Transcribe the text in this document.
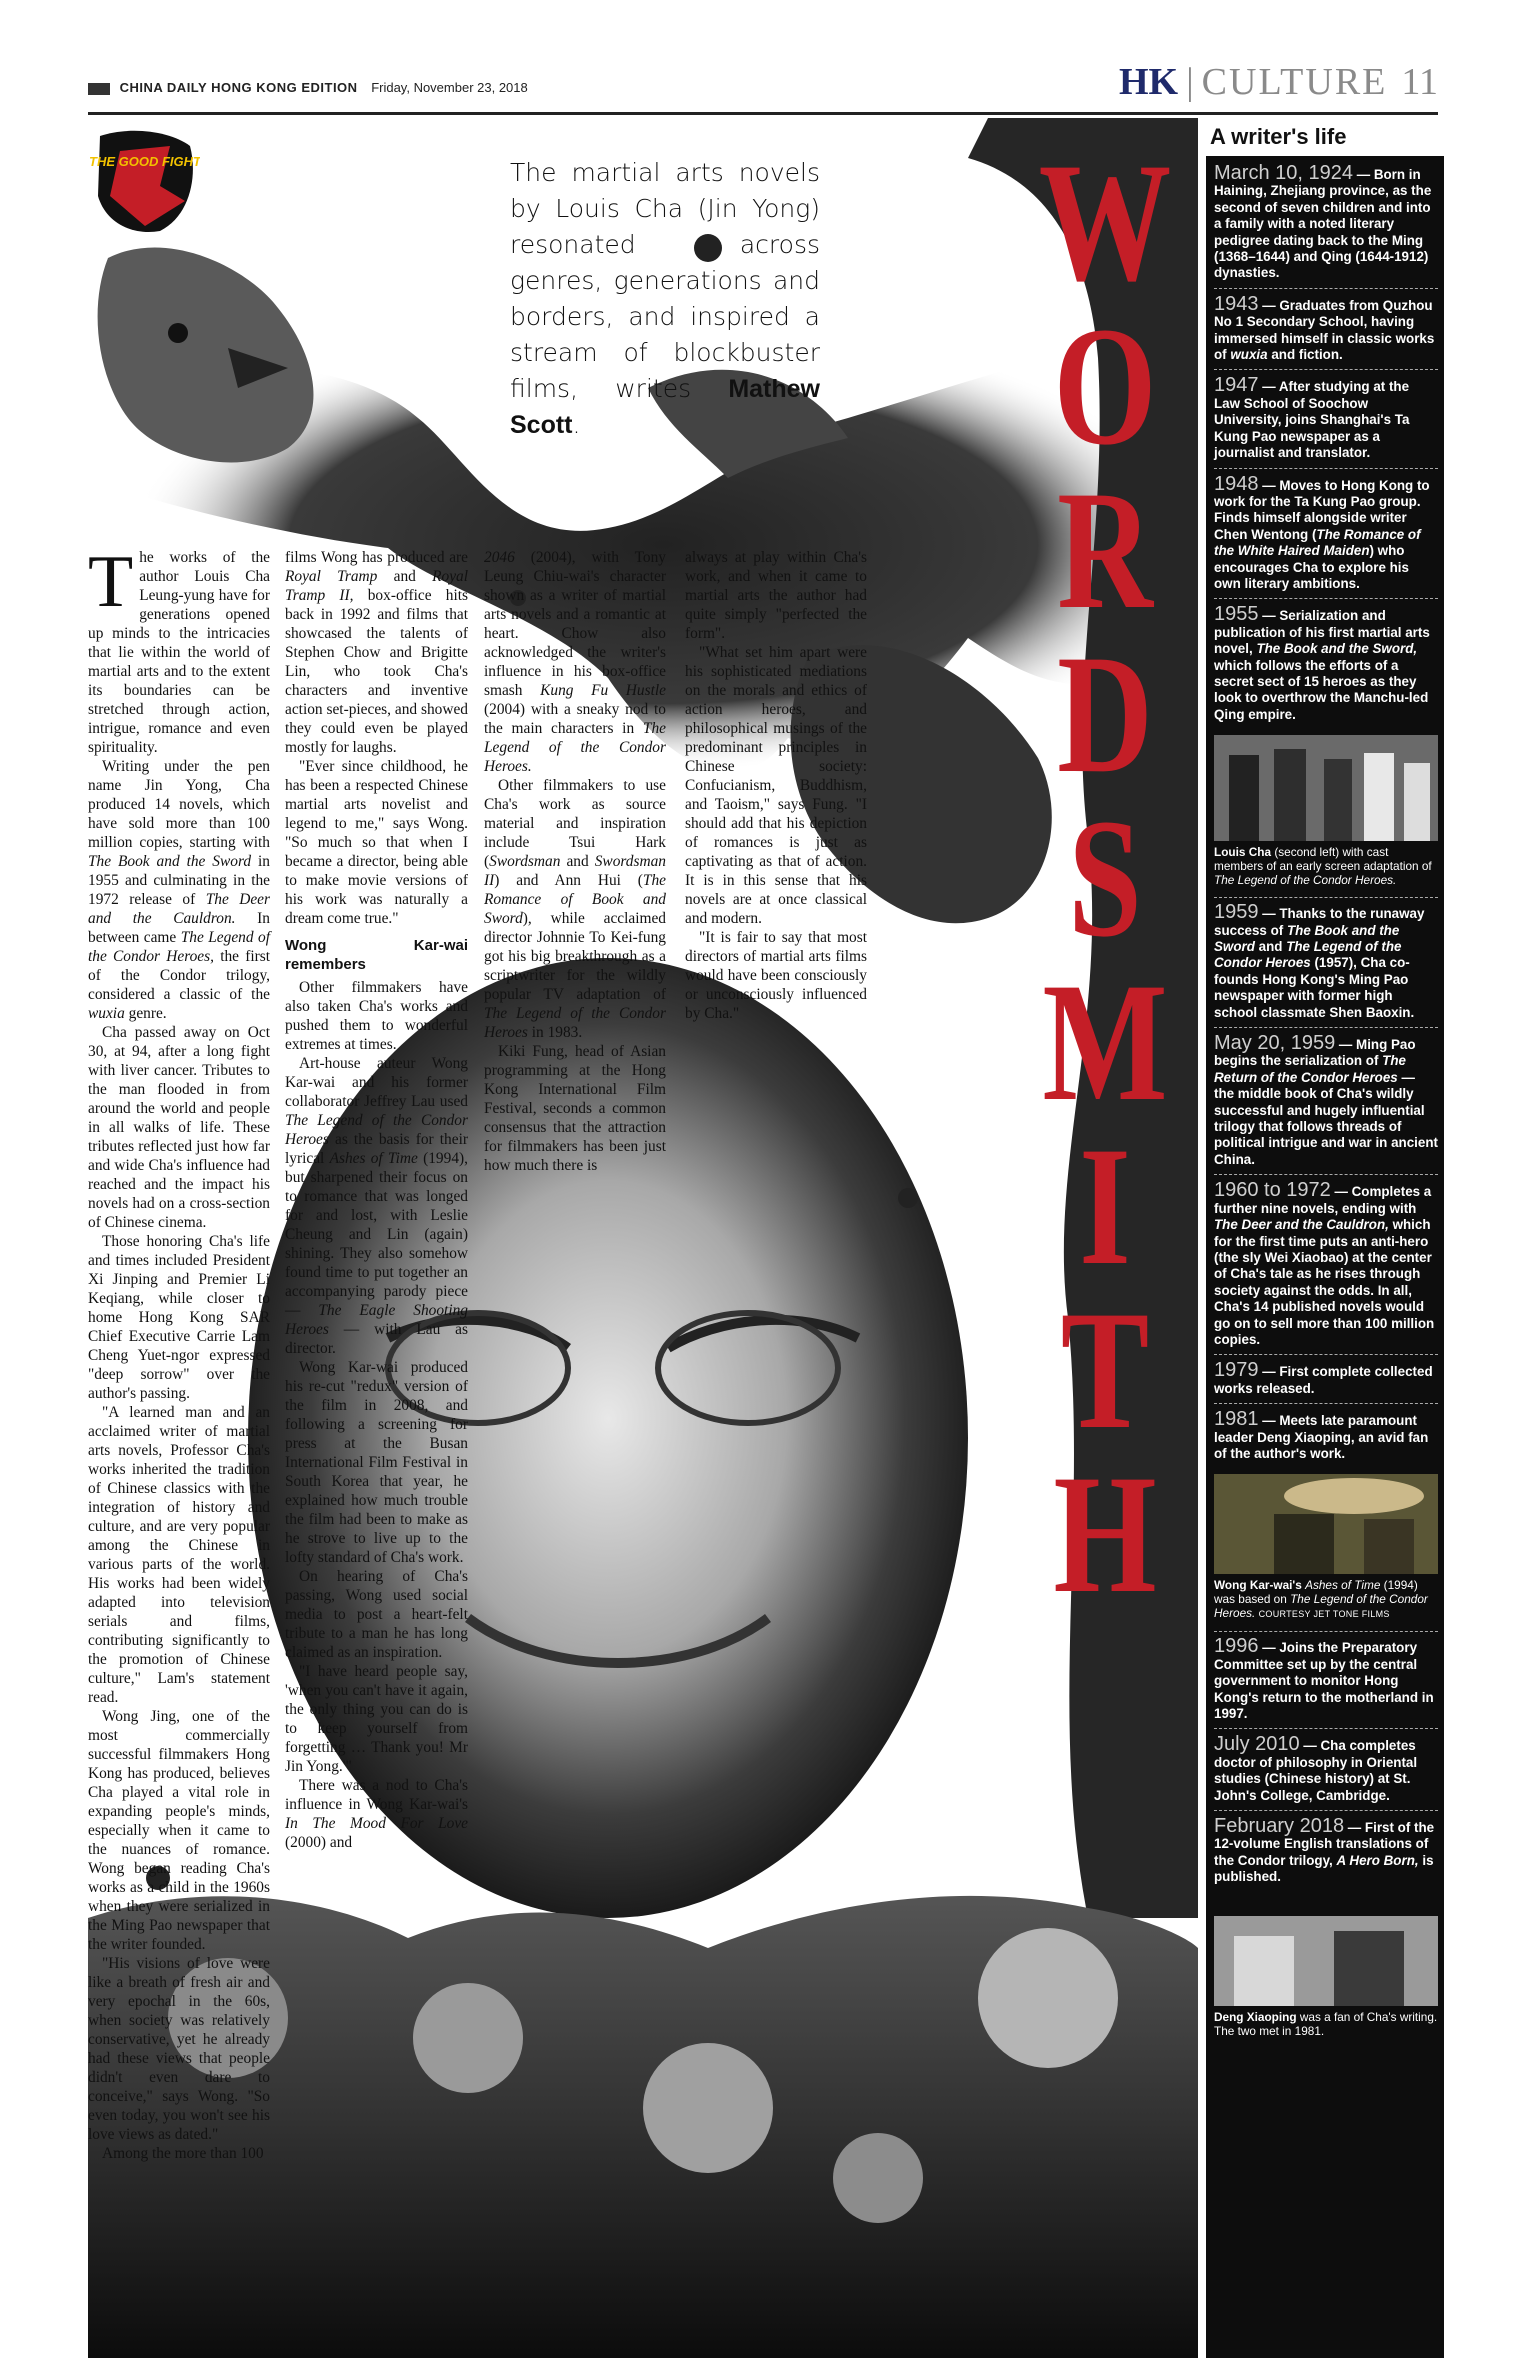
CHINA DAILY HONG KONG EDITION Friday, November 23, 2018	HK | CULTURE 11
THE GOOD FIGHT	The martial arts novels by Louis Cha (Jin Yong) resonated across genres, generations and borders, and inspired a stream of blockbuster films, writes Mathew Scott.
W
O
R
D
S
M
I
T
H

The works of the author Louis Cha Leung-yung have for generations opened up minds to the intricacies that lie within the world of martial arts and to the extent its boundaries can be stretched through action, intrigue, romance and even spirituality.

Writing under the pen name Jin Yong, Cha produced 14 novels, which have sold more than 100 million copies, starting with The Book and the Sword in 1955 and culminating in the 1972 release of The Deer and the Cauldron. In between came The Legend of the Condor Heroes, the first of the Condor trilogy, considered a classic of the wuxia genre.

Cha passed away on Oct 30, at 94, after a long fight with liver cancer. Tributes to the man flooded in from around the world and people in all walks of life. These tributes reflected just how far and wide Cha's influence had reached and the impact his novels had on a cross-section of Chinese cinema.

Those honoring Cha's life and times included President Xi Jinping and Premier Li Keqiang, while closer to home Hong Kong SAR Chief Executive Carrie Lam Cheng Yuet-ngor expressed "deep sorrow" over the author's passing.

"A learned man and an acclaimed writer of martial arts novels, Professor Cha's works inherited the tradition of Chinese classics with the integration of history and culture, and are very popular among the Chinese in various parts of the world. His works had been widely adapted into television serials and films, contributing significantly to the promotion of Chinese culture," Lam's statement read.

Wong Jing, one of the most commercially successful filmmakers Hong Kong has produced, believes Cha played a vital role in expanding people's minds, especially when it came to the nuances of romance. Wong began reading Cha's works as a child in the 1960s when they were serialized in the Ming Pao newspaper that the writer founded.

"His visions of love were like a breath of fresh air and very epochal in the 60s, when society was relatively conservative, yet he already had these views that people didn't even dare to conceive," says Wong. "So even today, you won't see his love views as dated."

Among the more than 100

films Wong has produced are Royal Tramp and Royal Tramp II, box-office hits back in 1992 and films that showcased the talents of Stephen Chow and Brigitte Lin, who took Cha's characters and inventive action set-pieces, and showed they could even be played mostly for laughs.

"Ever since childhood, he has been a respected Chinese martial arts novelist and legend to me," says Wong. "So much so that when I became a director, being able to make movie versions of his work was naturally a dream come true."

Wong Kar-wai remembers

Other filmmakers have also taken Cha's works and pushed them to wonderful extremes at times.

Art-house auteur Wong Kar-wai and his former collaborator Jeffrey Lau used The Legend of the Condor Heroes as the basis for their lyrical Ashes of Time (1994), but sharpened their focus on to romance that was longed for and lost, with Leslie Cheung and Lin (again) shining. They also somehow found time to put together an accompanying parody piece — The Eagle Shooting Heroes — with Lau as director.

Wong Kar-wai produced his re-cut "redux" version of the film in 2008, and following a screening for press at the Busan International Film Festival in South Korea that year, he explained how much trouble the film had been to make as he strove to live up to the lofty standard of Cha's work.

On hearing of Cha's passing, Wong used social media to post a heart-felt tribute to a man he has long claimed as an inspiration.

"I have heard people say, 'when you can't have it again, the only thing you can do is to keep yourself from forgetting … Thank you! Mr Jin Yong.'"

There was a nod to Cha's influence in Wong Kar-wai's In The Mood For Love (2000) and

2046 (2004), with Tony Leung Chiu-wai's character shown as a writer of martial arts novels and a romantic at heart. Chow also acknowledged the writer's influence in his box-office smash Kung Fu Hustle (2004) with a sneaky nod to the main characters in The Legend of the Condor Heroes.

Other filmmakers to use Cha's work as source material and inspiration include Tsui Hark (Swordsman and Swordsman II) and Ann Hui (The Romance of Book and Sword), while acclaimed director Johnnie To Kei-fung got his big breakthrough as a scriptwriter for the wildly popular TV adaptation of The Legend of the Condor Heroes in 1983.

Kiki Fung, head of Asian programming at the Hong Kong International Film Festival, seconds a common consensus that the attraction for filmmakers has been just how much there is

always at play within Cha's work, and when it came to martial arts the author had quite simply "perfected the form".

"What set him apart were his sophisticated mediations on the morals and ethics of action heroes, and philosophical musings of the predominant principles in Chinese society: Confucianism, Buddhism, and Taoism," says Fung. "I should add that his depiction of romances is just as captivating as that of action. It is in this sense that his novels are at once classical and modern.

"It is fair to say that most directors of martial arts films would have been consciously or unconsciously influenced by Cha."

A writer's life
March 10, 1924 — Born in Haining, Zhejiang province, as the second of seven children and into a family with a noted literary pedigree dating back to the Ming (1368–1644) and Qing (1644-1912) dynasties.
1943 — Graduates from Quzhou No 1 Secondary School, having immersed himself in classic works of wuxia and fiction.
1947 — After studying at the Law School of Soochow University, joins Shanghai's Ta Kung Pao newspaper as a journalist and translator.
1948 — Moves to Hong Kong to work for the Ta Kung Pao group. Finds himself alongside writer Chen Wentong (The Romance of the White Haired Maiden) who encourages Cha to explore his own literary ambitions.
1955 — Serialization and publication of his first martial arts novel, The Book and the Sword, which follows the efforts of a secret sect of 15 heroes as they look to overthrow the Manchu-led Qing empire.
Louis Cha (second left) with cast members of an early screen adaptation of The Legend of the Condor Heroes.
1959 — Thanks to the runaway success of The Book and the Sword and The Legend of the Condor Heroes (1957), Cha co-founds Hong Kong's Ming Pao newspaper with former high school classmate Shen Baoxin.
May 20, 1959 — Ming Pao begins the serialization of The Return of the Condor Heroes — the middle book of Cha's wildly successful and hugely influential trilogy that follows threads of political intrigue and war in ancient China.
1960 to 1972 — Completes a further nine novels, ending with The Deer and the Cauldron, which for the first time puts an anti-hero (the sly Wei Xiaobao) at the center of Cha's tale as he rises through society against the odds. In all, Cha's 14 published novels would go on to sell more than 100 million copies.
1979 — First complete collected works released.
1981 — Meets late paramount leader Deng Xiaoping, an avid fan of the author's work.
Wong Kar-wai's Ashes of Time (1994) was based on The Legend of the Condor Heroes. COURTESY JET TONE FILMS
1996 — Joins the Preparatory Committee set up by the central government to monitor Hong Kong's return to the motherland in 1997.
July 2010 — Cha completes doctor of philosophy in Oriental studies (Chinese history) at St. John's College, Cambridge.
February 2018 — First of the 12-volume English translations of the Condor trilogy, A Hero Born, is published.
Deng Xiaoping was a fan of Cha's writing. The two met in 1981.
